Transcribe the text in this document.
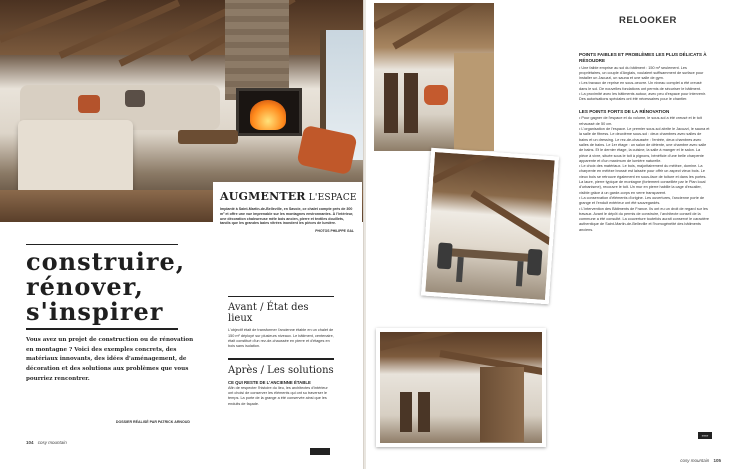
AUGMENTER L'ESPACE

Implanté à Saint-Martin-de-Belleville, en Savoie, ce chalet compte près de 300 m² et offre une vue imprenable sur les montagnes environnantes. À l'intérieur, une décoration chaleureuse mêle bois ancien, pierre et textiles douillets, tandis que les grandes baies vitrées inondent les pièces de lumière.

PHOTOS PHILIPPE GAL

construire, rénover, s'inspirer

Vous avez un projet de construction ou de rénovation en montagne ? Voici des exemples concrets, des matériaux innovants, des idées d'aménagement, de décoration et des solutions aux problèmes que vous pourriez rencontrer.

DOSSIER RÉALISÉ PAR PATRICK ARNOUD

Avant / État des lieux

L'objectif était de transformer l'ancienne étable en un chalet de 150 m² déployé sur plusieurs niveaux. Le bâtiment, centenaire, était constitué d'un rez-de-chaussée en pierre et d'étages en bois sans isolation.

Après / Les solutions

CE QUI RESTE DE L'ANCIENNE ÉTABLE

Afin de respecter l'histoire du lieu, les architectes d'intérieur ont choisi de conserver les éléments qui ont su traverser le temps. La porte de la grange a été conservée ainsi que les enduits de façade.

104 cosy mountain
RELOOKER

POINTS FAIBLES ET PROBLÈMES LES PLUS DÉLICATS À RÉSOUDRE

• Une faible emprise au sol du bâtiment : 150 m² seulement. Les propriétaires, un couple d'Anglais, voulaient suffisamment de surface pour installer un Jacuzzi, un sauna et une salle de gym.

• Les travaux de reprise en sous-oeuvre. Un niveau complet a été creusé dans le sol. De nouvelles fondations ont permis de sécuriser le bâtiment.

• La proximité avec les bâtiments autour, avec peu d'espace pour intervenir. Des autorisations spéciales ont été nécessaires pour le chantier.

LES POINTS FORTS DE LA RÉNOVATION

• Pour gagner de l'espace et du volume, le sous-sol a été creusé et le toit rehaussé de 50 cm.

• L'organisation de l'espace. Le premier sous-sol abrite le Jacuzzi, le sauna et la salle de fitness. Le deuxième sous-sol : deux chambres avec salles de bains et un dressing. Le rez-de-chaussée : l'entrée, deux chambres avec salles de bains. Le 1er étage : un salon de détente, une chambre avec salle de bains. Et le dernier étage, la cuisine, la salle à manger et le salon. La pièce à vivre, située sous le toit à pignons, bénéficie d'une belle charpente apparente et d'un maximum de lumière naturelle.

• Le choix des matériaux. Le bois, majoritairement du mélèze, domine. La charpente en mélèze brossé est laissée pour offrir un aspect vieux bois. Le vieux bois se retrouve également en sous-face de toiture et dans les portes. La laure, pierre typique de montagne (fortement conseillée par le Plan local d'urbanisme), recouvre le toit. Un mur en pierre habille la cage d'escalier, visible grâce à un garde-corps en verre transparent.

• La conservation d'éléments d'origine. Les ouvertures, l'ancienne porte de grange et l'enduit extérieur ont été sauvegardés.

• L'intervention des Bâtiments de France. Ils ont eu un droit de regard sur les travaux. Avant le dépôt du permis de construire, l'architecte conseil de la commune a été consulté. La couverture toutefois aurait conservé le caractère authentique de Saint-Martin-de-Belleville et l'homogénéité des bâtiments anciens.

»»»
cosy mountain 105
